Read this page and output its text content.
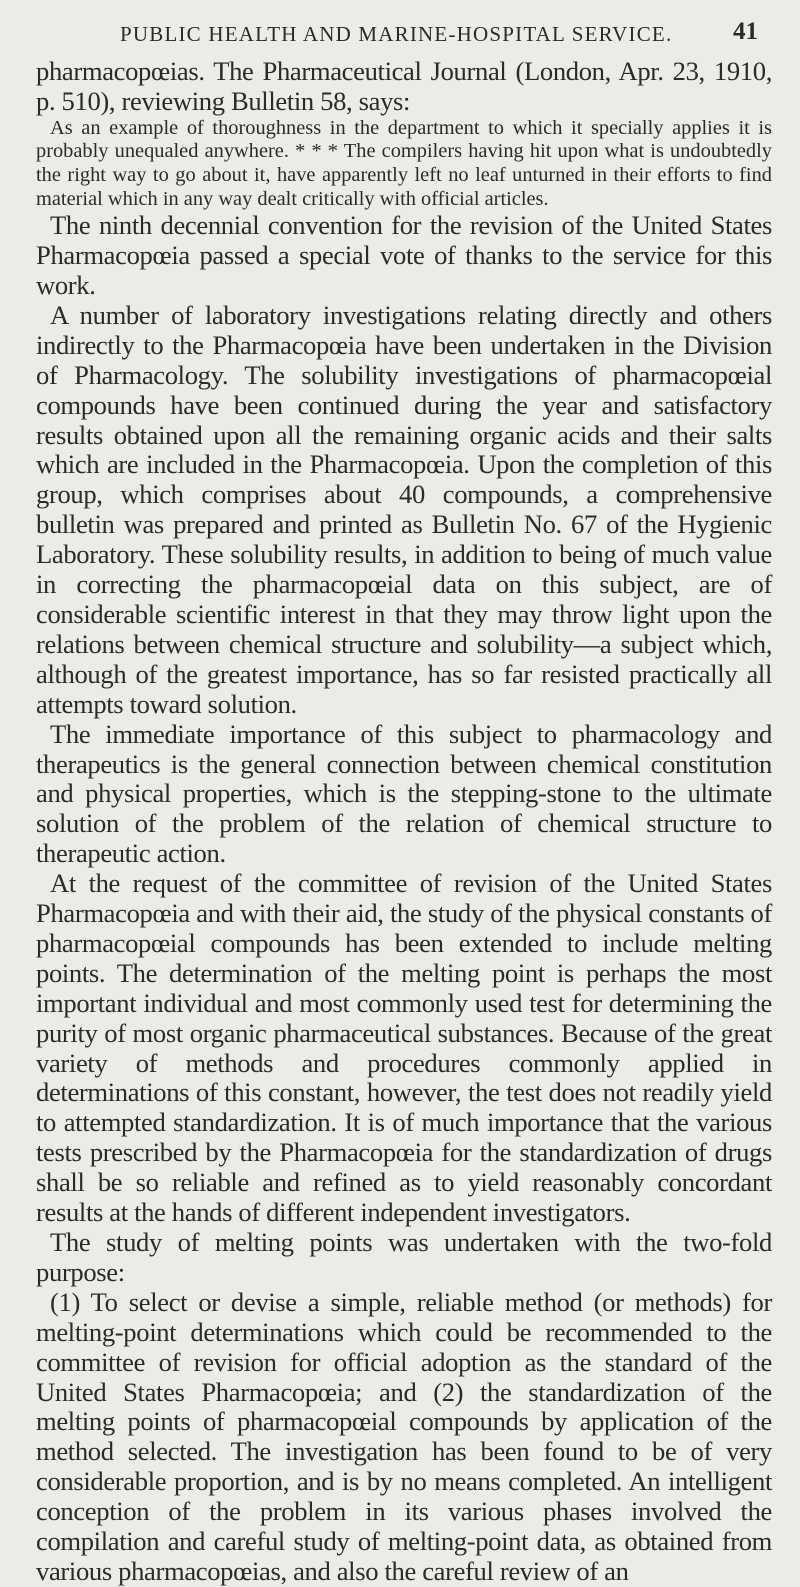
PUBLIC HEALTH AND MARINE-HOSPITAL SERVICE. 41

pharmacopœias. The Pharmaceutical Journal (London, Apr. 23, 1910, p. 510), reviewing Bulletin 58, says:

As an example of thoroughness in the department to which it specially applies it is probably unequaled anywhere. * * * The compilers having hit upon what is undoubtedly the right way to go about it, have apparently left no leaf unturned in their efforts to find material which in any way dealt critically with official articles.

The ninth decennial convention for the revision of the United States Pharmacopœia passed a special vote of thanks to the service for this work.

A number of laboratory investigations relating directly and others indirectly to the Pharmacopœia have been undertaken in the Division of Pharmacology. The solubility investigations of pharmacopœial compounds have been continued during the year and satisfactory results obtained upon all the remaining organic acids and their salts which are included in the Pharmacopœia. Upon the completion of this group, which comprises about 40 compounds, a comprehensive bulletin was prepared and printed as Bulletin No. 67 of the Hygienic Laboratory. These solubility results, in addition to being of much value in correcting the pharmacopœial data on this subject, are of considerable scientific interest in that they may throw light upon the relations between chemical structure and solubility—a subject which, although of the greatest importance, has so far resisted practically all attempts toward solution.

The immediate importance of this subject to pharmacology and therapeutics is the general connection between chemical constitution and physical properties, which is the stepping-stone to the ultimate solution of the problem of the relation of chemical structure to therapeutic action.

At the request of the committee of revision of the United States Pharmacopœia and with their aid, the study of the physical constants of pharmacopœial compounds has been extended to include melting points. The determination of the melting point is perhaps the most important individual and most commonly used test for determining the purity of most organic pharmaceutical substances. Because of the great variety of methods and procedures commonly applied in determinations of this constant, however, the test does not readily yield to attempted standardization. It is of much importance that the various tests prescribed by the Pharmacopœia for the standardization of drugs shall be so reliable and refined as to yield reasonably concordant results at the hands of different independent investigators.

The study of melting points was undertaken with the two-fold purpose:

(1) To select or devise a simple, reliable method (or methods) for melting-point determinations which could be recommended to the committee of revision for official adoption as the standard of the United States Pharmacopœia; and (2) the standardization of the melting points of pharmacopœial compounds by application of the method selected. The investigation has been found to be of very considerable proportion, and is by no means completed. An intelligent conception of the problem in its various phases involved the compilation and careful study of melting-point data, as obtained from various pharmacopœias, and also the careful review of an
